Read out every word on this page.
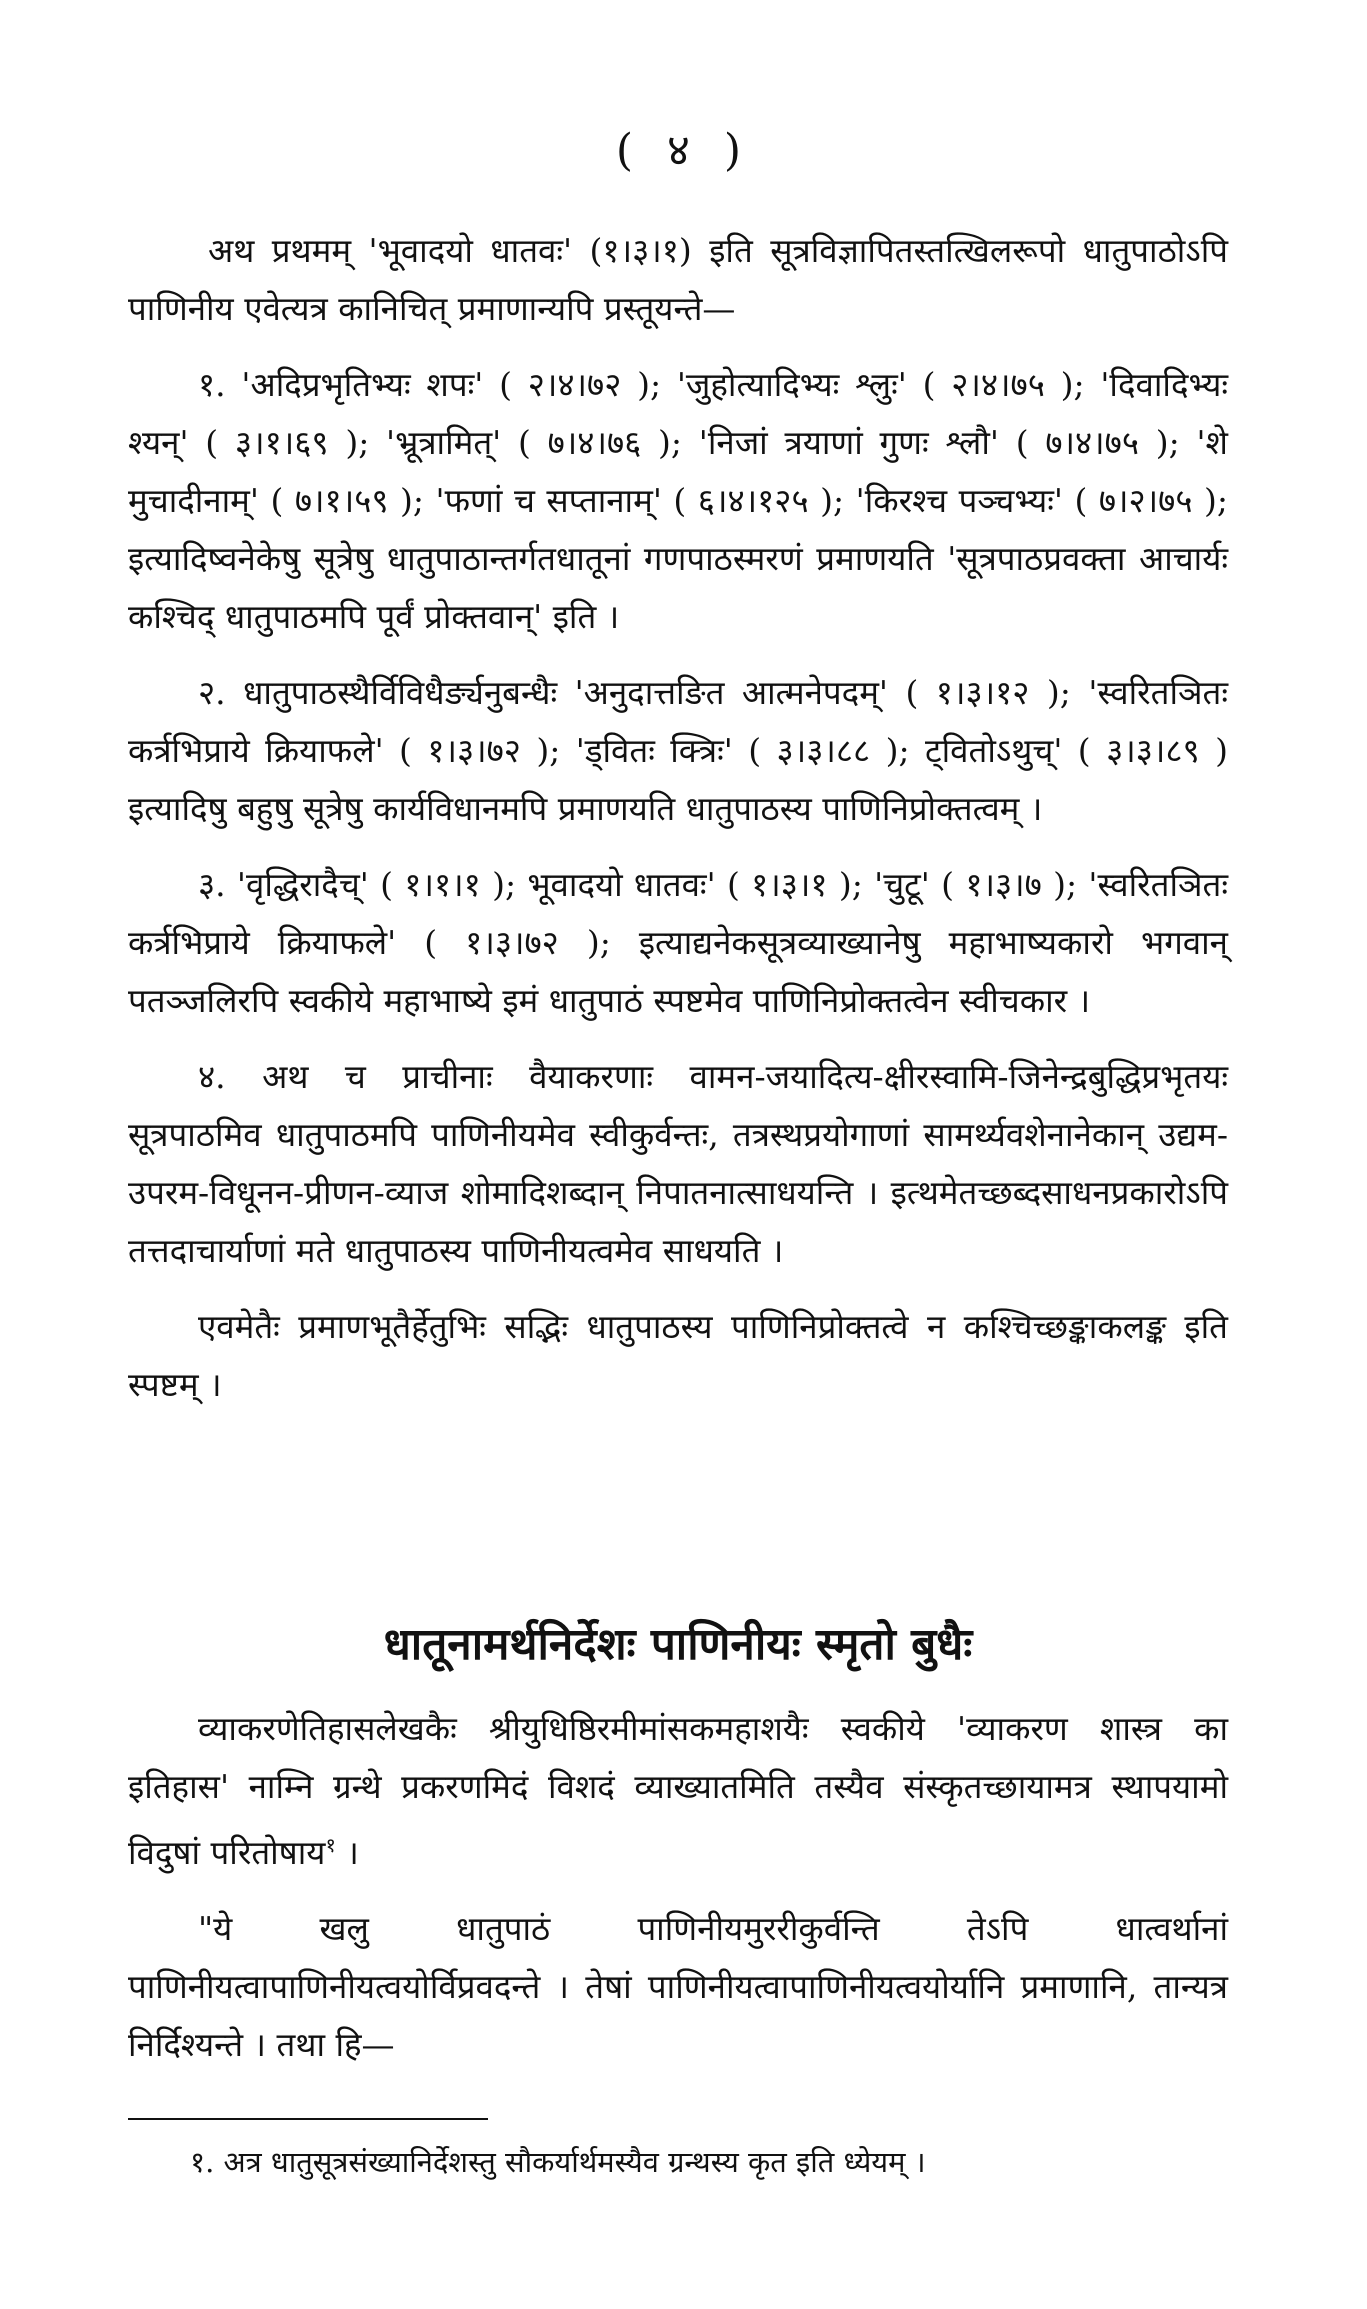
( ४ )

अथ प्रथमम् 'भूवादयो धातवः' (१।३।१) इति सूत्रविज्ञापितस्तत्खिलरूपो धातुपाठोऽपि पाणिनीय एवेत्यत्र कानिचित् प्रमाणान्यपि प्रस्तूयन्ते—

१. 'अदिप्रभृतिभ्यः शपः' ( २।४।७२ ); 'जुहोत्यादिभ्यः श्लुः' ( २।४।७५ ); 'दिवादिभ्यः श्यन्' ( ३।१।६९ ); 'भ्रूत्रामित्' ( ७।४।७६ ); 'निजां त्रयाणां गुणः श्लौ' ( ७।४।७५ ); 'शे मुचादीनाम्' ( ७।१।५९ ); 'फणां च सप्तानाम्' ( ६।४।१२५ ); 'किरश्च पञ्चभ्यः' ( ७।२।७५ ); इत्यादिष्वनेकेषु सूत्रेषु धातुपाठान्तर्गतधातूनां गणपाठस्मरणं प्रमाणयति 'सूत्रपाठप्रवक्ता आचार्यः कश्चिद् धातुपाठमपि पूर्वं प्रोक्तवान्' इति ।

२. धातुपाठस्थैर्विविधैर्ङ्यनुबन्धैः 'अनुदात्तङित आत्मनेपदम्' ( १।३।१२ ); 'स्वरितञितः कर्त्रभिप्राये क्रियाफले' ( १।३।७२ ); 'ड्वितः क्त्रिः' ( ३।३।८८ ); ट्वितोऽथुच्' ( ३।३।८९ ) इत्यादिषु बहुषु सूत्रेषु कार्यविधानमपि प्रमाणयति धातुपाठस्य पाणिनिप्रोक्तत्वम् ।

३. 'वृद्धिरादैच्' ( १।१।१ ); भूवादयो धातवः' ( १।३।१ ); 'चुटू' ( १।३।७ ); 'स्वरितञितः कर्त्रभिप्राये क्रियाफले' ( १।३।७२ ); इत्याद्यनेकसूत्रव्याख्यानेषु महाभाष्यकारो भगवान् पतञ्जलिरपि स्वकीये महाभाष्ये इमं धातुपाठं स्पष्टमेव पाणिनिप्रोक्तत्वेन स्वीचकार ।

४. अथ च प्राचीनाः वैयाकरणाः वामन-जयादित्य-क्षीरस्वामि-जिनेन्द्रबुद्धिप्रभृतयः सूत्रपाठमिव धातुपाठमपि पाणिनीयमेव स्वीकुर्वन्तः, तत्रस्थप्रयोगाणां सामर्थ्यवशेनानेकान् उद्यम-उपरम-विधूनन-प्रीणन-व्याज शोमादिशब्दान् निपातनात्साधयन्ति । इत्थमेतच्छब्दसाधनप्रकारोऽपि तत्तदाचार्याणां मते धातुपाठस्य पाणिनीयत्वमेव साधयति ।

एवमेतैः प्रमाणभूतैर्हेतुभिः सद्भिः धातुपाठस्य पाणिनिप्रोक्तत्वे न कश्चिच्छङ्काकलङ्क इति स्पष्टम् ।

धातूनामर्थनिर्देशः पाणिनीयः स्मृतो बुधैः

व्याकरणेतिहासलेखकैः श्रीयुधिष्ठिरमीमांसकमहाशयैः स्वकीये 'व्याकरण शास्त्र का इतिहास' नाम्नि ग्रन्थे प्रकरणमिदं विशदं व्याख्यातमिति तस्यैव संस्कृतच्छायामत्र स्थापयामो विदुषां परितोषाय$^१$ ।

"ये खलु धातुपाठं पाणिनीयमुररीकुर्वन्ति तेऽपि धात्वर्थानां पाणिनीयत्वापाणिनीयत्वयोर्विप्रवदन्ते । तेषां पाणिनीयत्वापाणिनीयत्वयोर्यानि प्रमाणानि, तान्यत्र निर्दिश्यन्ते । तथा हि—

१. अत्र धातुसूत्रसंख्यानिर्देशस्तु सौकर्यार्थमस्यैव ग्रन्थस्य कृत इति ध्येयम् ।
